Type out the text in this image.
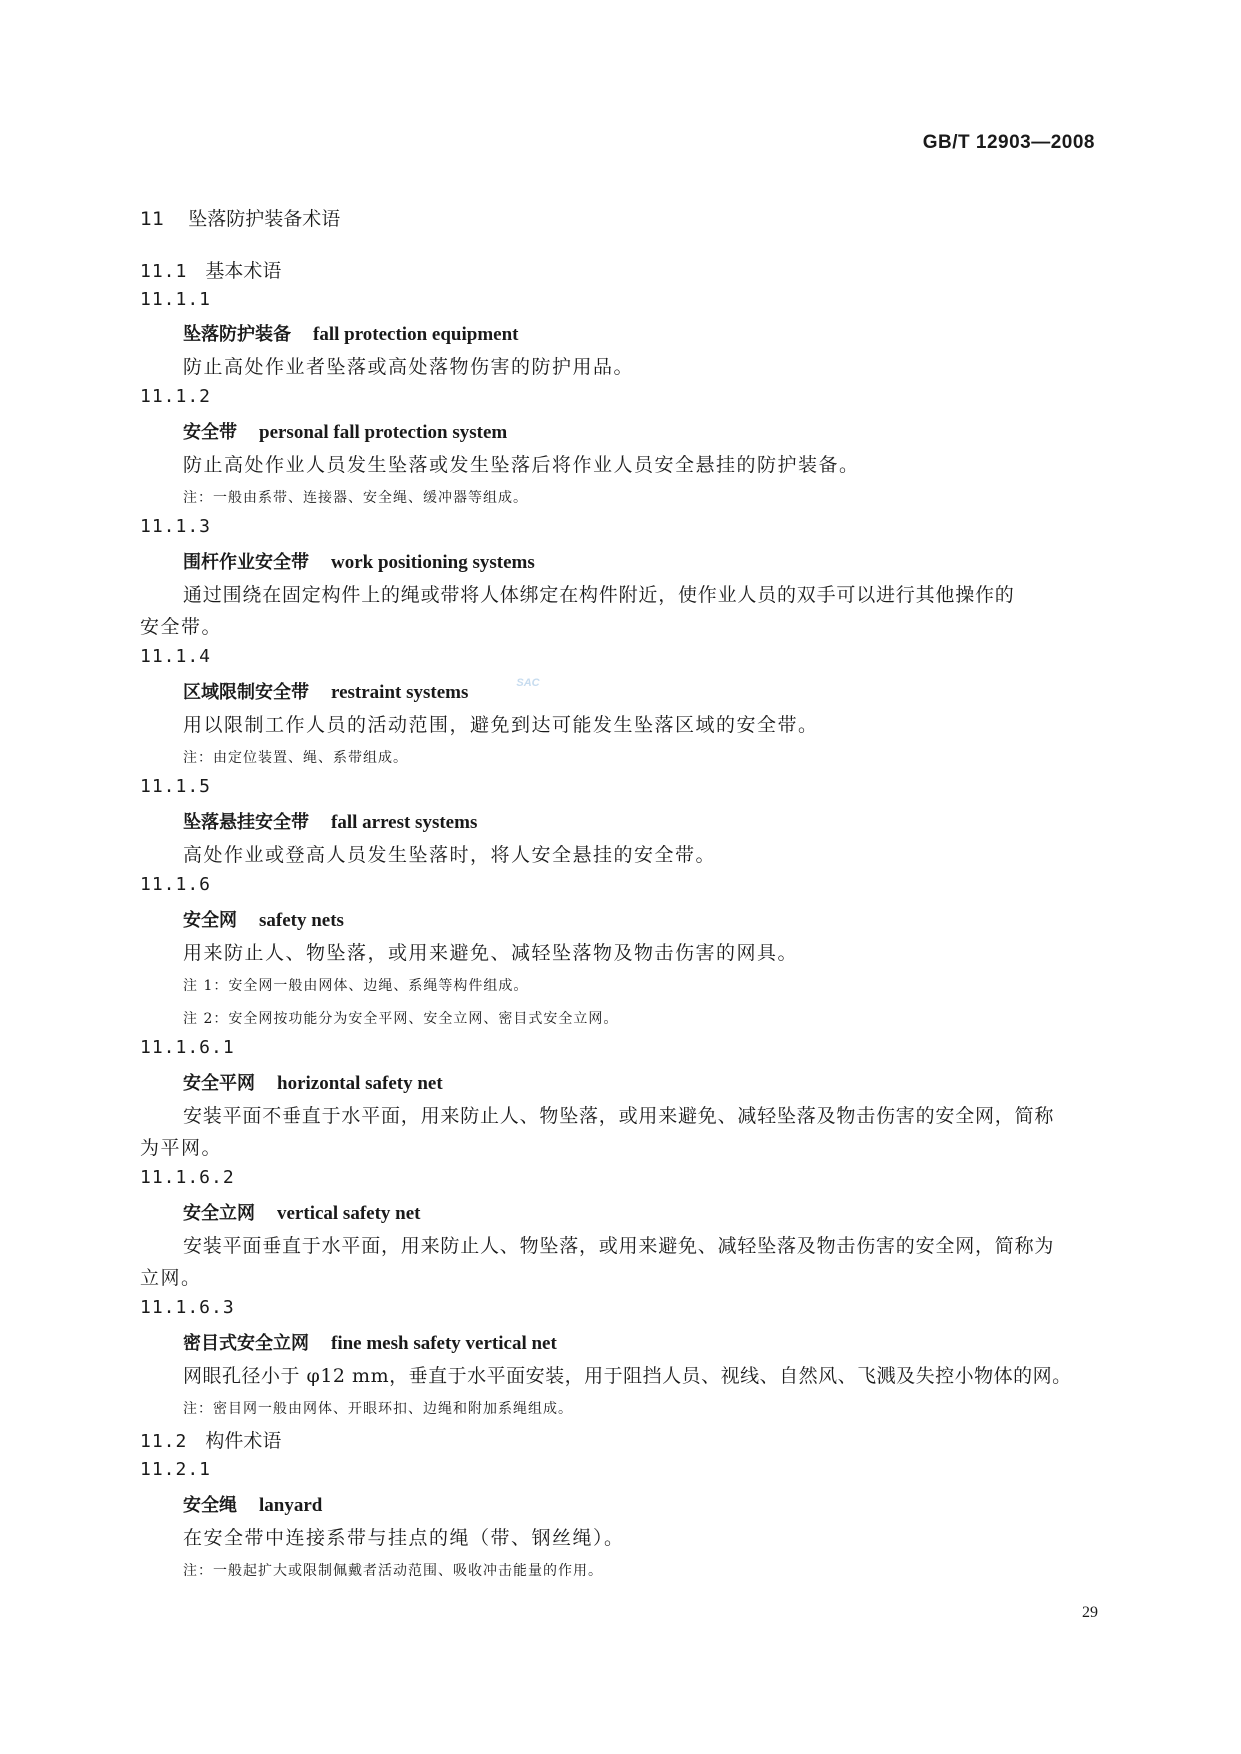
GB/T 12903—2008
11 坠落防护装备术语
11.1 基本术语
11.1.1
坠落防护装备 fall protection equipment
防止高处作业者坠落或高处落物伤害的防护用品。
11.1.2
安全带 personal fall protection system
防止高处作业人员发生坠落或发生坠落后将作业人员安全悬挂的防护装备。
注：一般由系带、连接器、安全绳、缓冲器等组成。
11.1.3
围杆作业安全带 work positioning systems
通过围绕在固定构件上的绳或带将人体绑定在构件附近，使作业人员的双手可以进行其他操作的
安全带。
11.1.4
SAC
区域限制安全带 restraint systems
用以限制工作人员的活动范围，避免到达可能发生坠落区域的安全带。
注：由定位装置、绳、系带组成。
11.1.5
坠落悬挂安全带 fall arrest systems
高处作业或登高人员发生坠落时，将人安全悬挂的安全带。
11.1.6
安全网 safety nets
用来防止人、物坠落，或用来避免、减轻坠落物及物击伤害的网具。
注 1：安全网一般由网体、边绳、系绳等构件组成。
注 2：安全网按功能分为安全平网、安全立网、密目式安全立网。
11.1.6.1
安全平网 horizontal safety net
安装平面不垂直于水平面，用来防止人、物坠落，或用来避免、减轻坠落及物击伤害的安全网，简称
为平网。
11.1.6.2
安全立网 vertical safety net
安装平面垂直于水平面，用来防止人、物坠落，或用来避免、减轻坠落及物击伤害的安全网，简称为
立网。
11.1.6.3
密目式安全立网 fine mesh safety vertical net
网眼孔径小于 φ12 mm，垂直于水平面安装，用于阻挡人员、视线、自然风、飞溅及失控小物体的网。
注：密目网一般由网体、开眼环扣、边绳和附加系绳组成。
11.2 构件术语
11.2.1
安全绳 lanyard
在安全带中连接系带与挂点的绳（带、钢丝绳）。
注：一般起扩大或限制佩戴者活动范围、吸收冲击能量的作用。
29
